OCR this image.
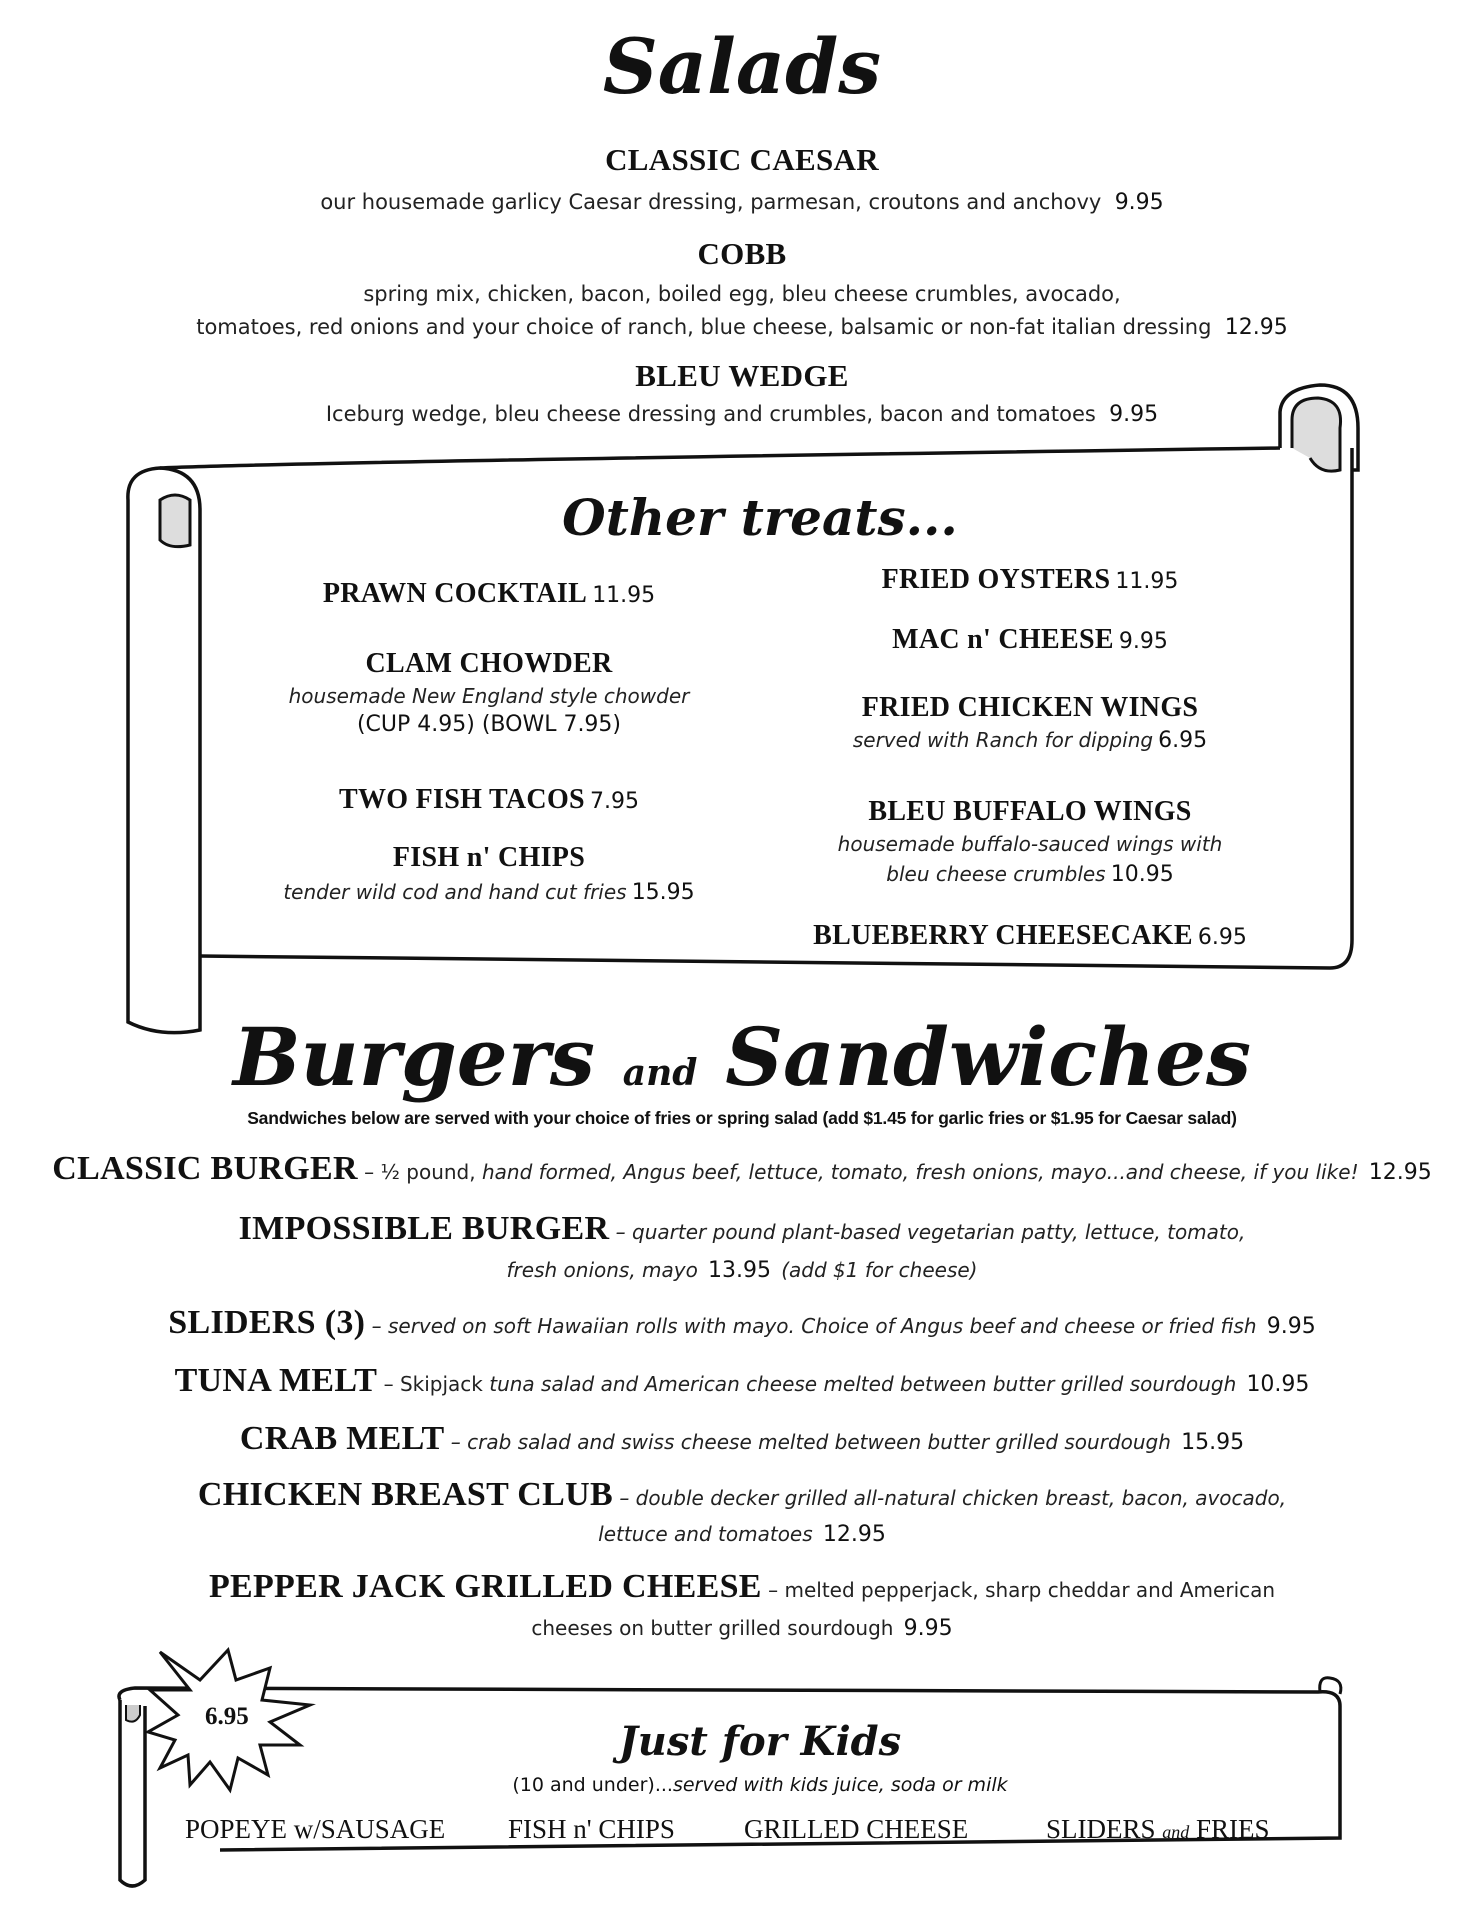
Salads
CLASSIC CAESAR
our housemade garlicy Caesar dressing, parmesan, croutons and anchovy 9.95
COBB
spring mix, chicken, bacon, boiled egg, bleu cheese crumbles, avocado,
tomatoes, red onions and your choice of ranch, blue cheese, balsamic or non-fat italian dressing 12.95
BLEU WEDGE
Iceburg wedge, bleu cheese dressing and crumbles, bacon and tomatoes 9.95
Other treats...
PRAWN COCKTAIL 11.95
CLAM CHOWDER
housemade New England style chowder
(CUP 4.95) (BOWL 7.95)
TWO FISH TACOS 7.95
FISH n' CHIPS
tender wild cod and hand cut fries 15.95
FRIED OYSTERS 11.95
MAC n' CHEESE 9.95
FRIED CHICKEN WINGS
served with Ranch for dipping 6.95
BLEU BUFFALO WINGS
housemade buffalo-sauced wings with
bleu cheese crumbles 10.95
BLUEBERRY CHEESECAKE 6.95
Burgers and Sandwiches
Sandwiches below are served with your choice of fries or spring salad (add $1.45 for garlic fries or $1.95 for Caesar salad)
CLASSIC BURGER – ½ pound, hand formed, Angus beef, lettuce, tomato, fresh onions, mayo...and cheese, if you like! 12.95
IMPOSSIBLE BURGER – quarter pound plant-based vegetarian patty, lettuce, tomato,
fresh onions, mayo 13.95 (add $1 for cheese)
SLIDERS (3) – served on soft Hawaiian rolls with mayo. Choice of Angus beef and cheese or fried fish 9.95
TUNA MELT – Skipjack tuna salad and American cheese melted between butter grilled sourdough 10.95
CRAB MELT – crab salad and swiss cheese melted between butter grilled sourdough 15.95
CHICKEN BREAST CLUB – double decker grilled all-natural chicken breast, bacon, avocado,
lettuce and tomatoes 12.95
PEPPER JACK GRILLED CHEESE – melted pepperjack, sharp cheddar and American
cheeses on butter grilled sourdough 9.95
6.95
Just for Kids
(10 and under)...served with kids juice, soda or milk
POPEYE w/SAUSAGE FISH n' CHIPS	GRILLED CHEESE	SLIDERS and FRIES
